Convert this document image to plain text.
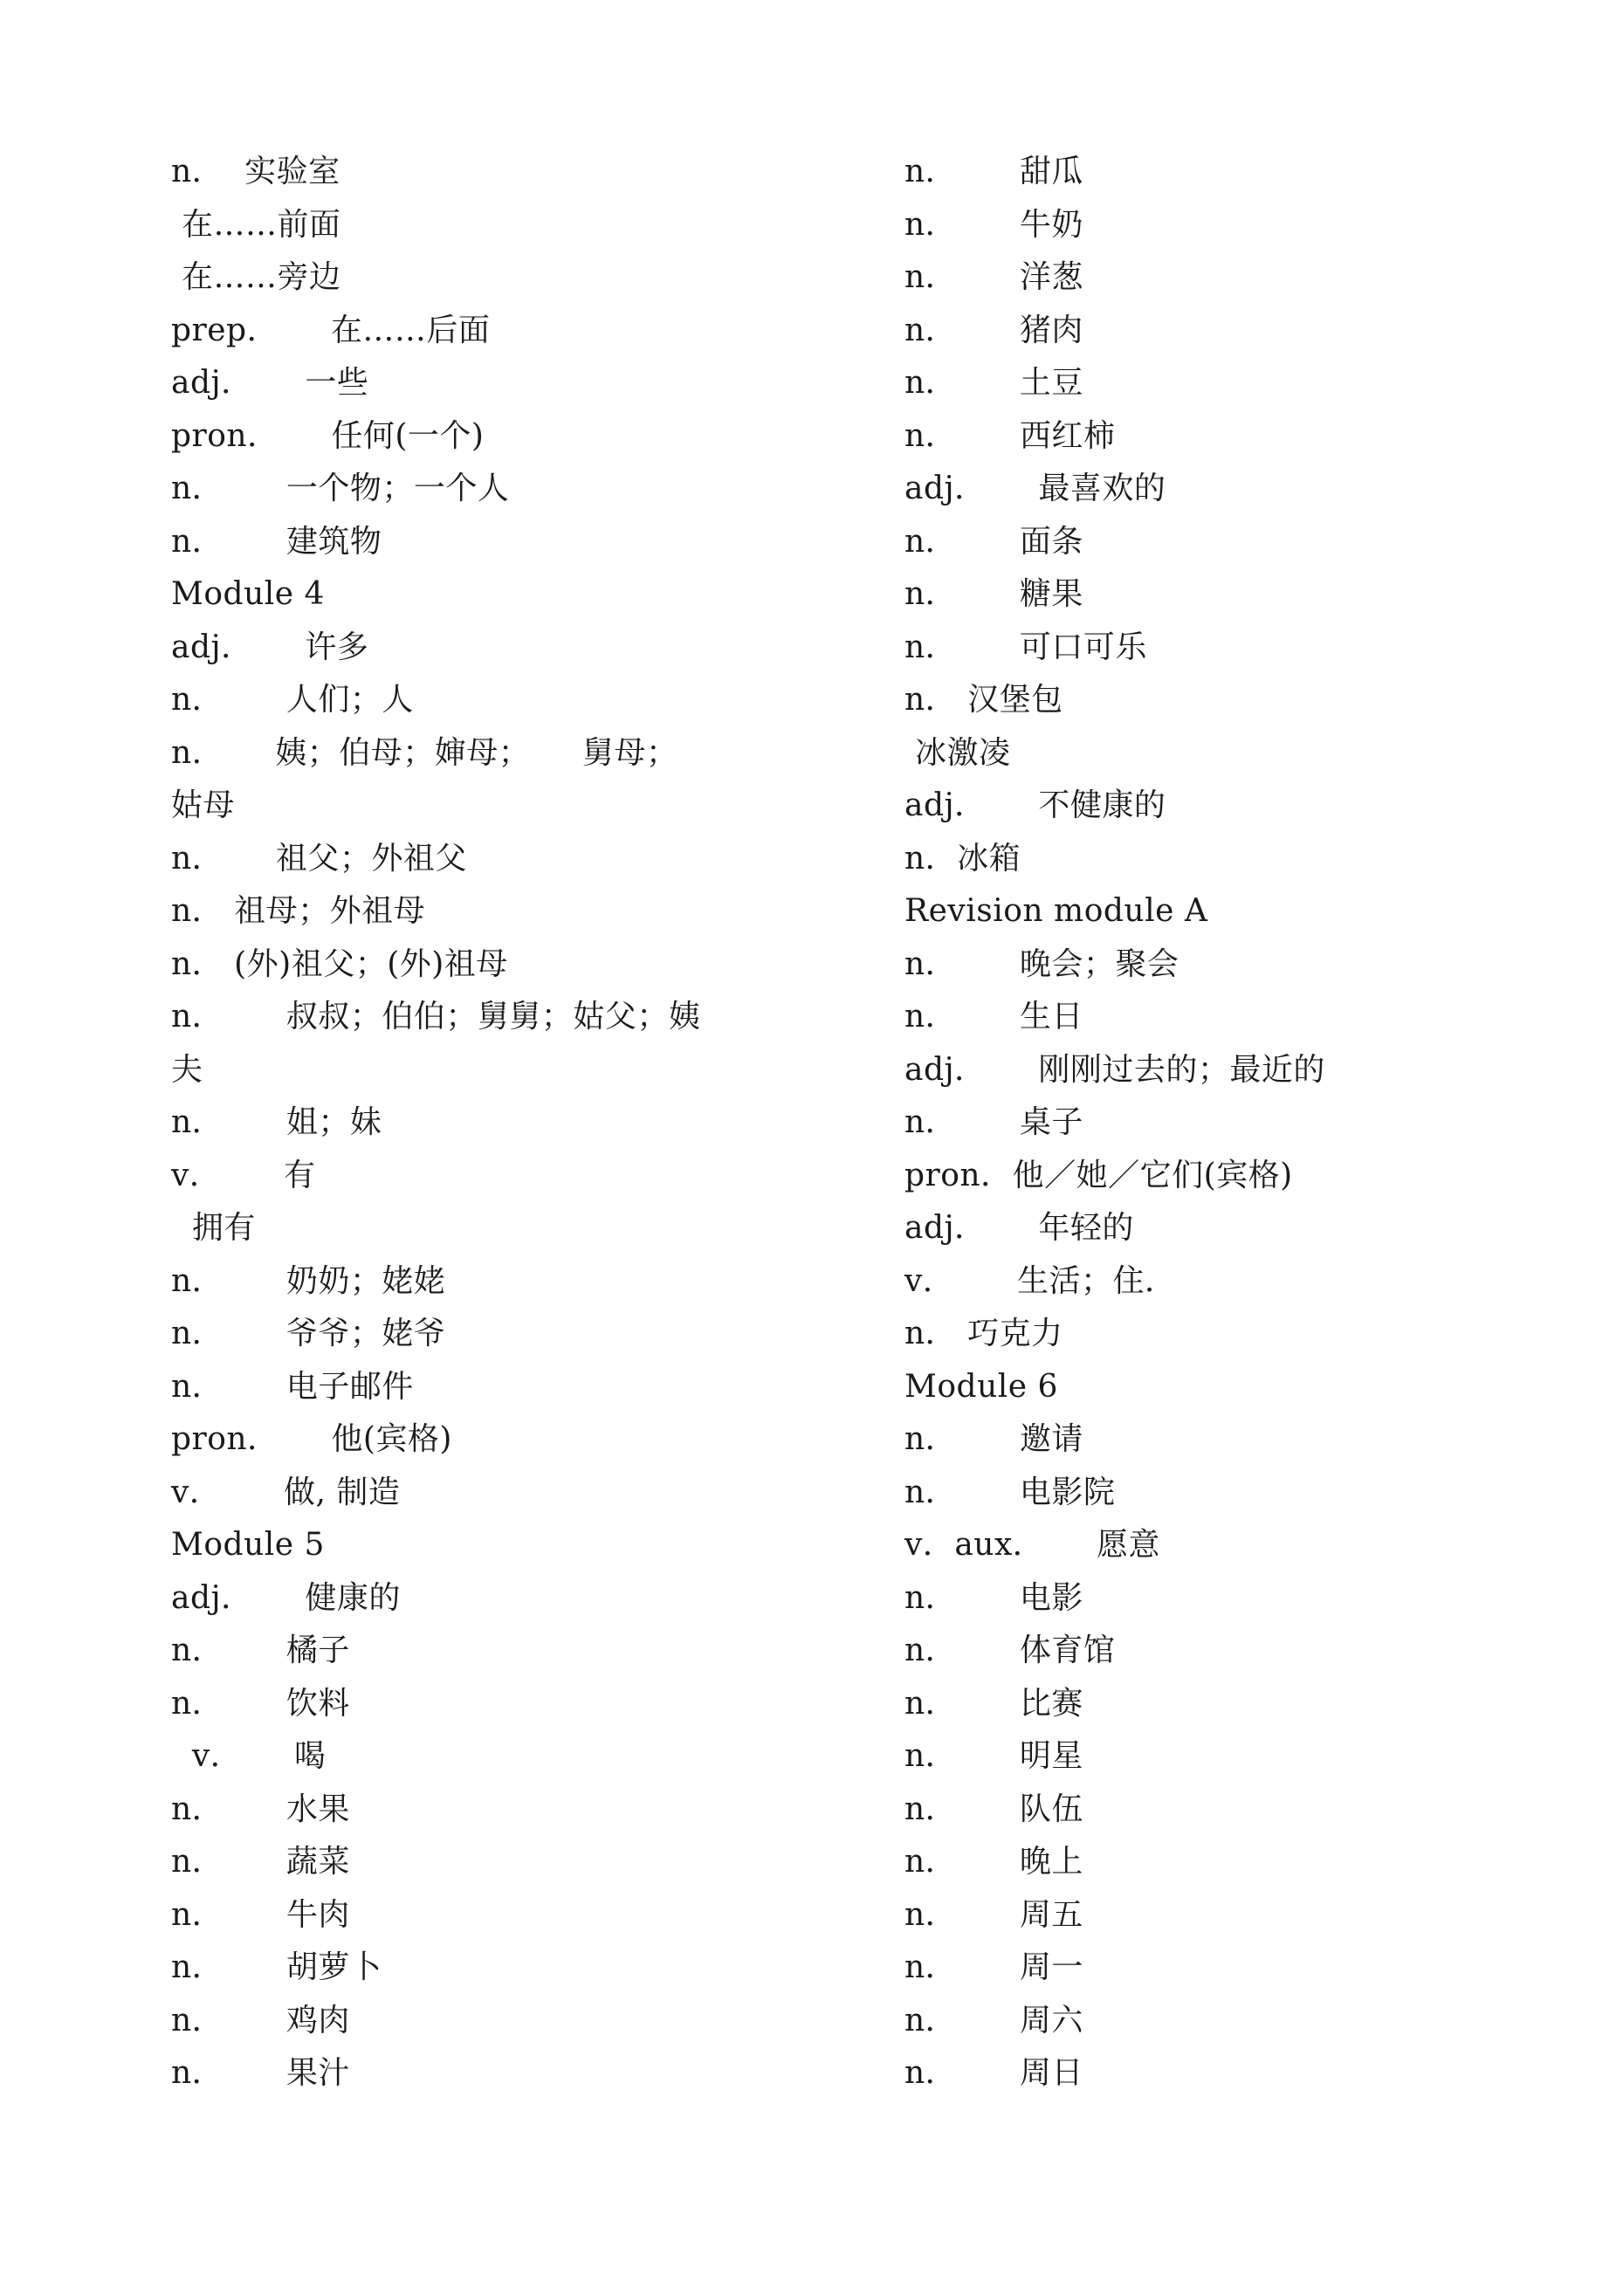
n．  实验室
在……前面
在……旁边
prep．     在……后面
adj．     一些
pron．     任何(一个)
n．      一个物；一个人
n．      建筑物
Module 4
adj．     许多
n．      人们；人
n.       姨；伯母；婶母；     舅母；
姑母
n．     祖父；外祖父
n． 祖母；外祖母
n． (外)祖父；(外)祖母
n．      叔叔；伯伯；舅舅；姑父；姨
夫
n．      姐；妹
v．      有
拥有
n．      奶奶；姥姥
n．      爷爷；姥爷
n．      电子邮件
pron．     他(宾格)
v．      做, 制造
Module 5
adj．     健康的
n．      橘子
n．      饮料
v．     喝
n．      水果
n．      蔬菜
n．      牛肉
n．      胡萝卜
n．      鸡肉
n．      果汁
n．      甜瓜
n．      牛奶
n．      洋葱
n．      猪肉
n．      土豆
n．      西红柿
adj．     最喜欢的
n．      面条
n．      糖果
n．      可口可乐
n． 汉堡包
冰激凌
adj．     不健康的
n．冰箱
Revision module A
n．      晚会；聚会
n．      生日
adj．     刚刚过去的；最近的
n．      桌子
pron．他／她／它们(宾格)
adj．     年轻的
v．      生活；住．
n． 巧克力
Module 6
n．      邀请
n．      电影院
v．aux．     愿意
n．      电影
n．      体育馆
n．      比赛
n．      明星
n．      队伍
n．      晚上
n．      周五
n．      周一
n．      周六
n．      周日
